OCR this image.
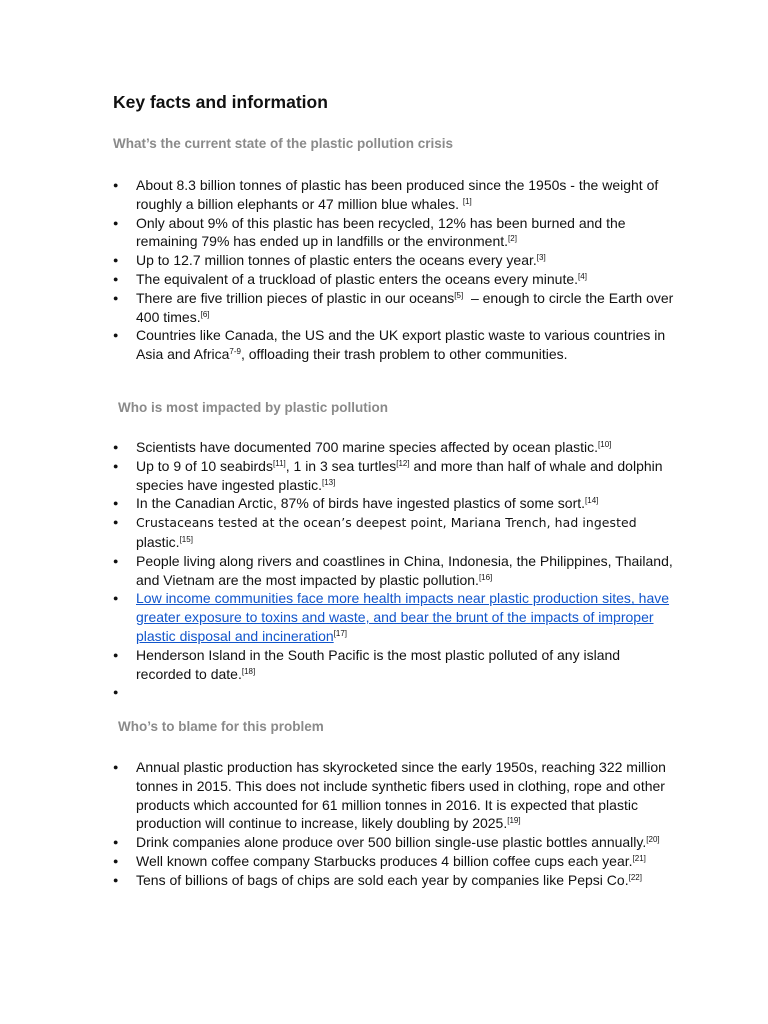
Key facts and information
What’s the current state of the plastic pollution crisis
● About 8.3 billion tonnes of plastic has been produced since the 1950s - the weight of roughly a billion elephants or 47 million blue whales. [1]
● Only about 9% of this plastic has been recycled, 12% has been burned and the remaining 79% has ended up in landfills or the environment.[2]
● Up to 12.7 million tonnes of plastic enters the oceans every year.[3]
● The equivalent of a truckload of plastic enters the oceans every minute.[4]
● There are five trillion pieces of plastic in our oceans[5]  – enough to circle the Earth over 400 times.[6]
● Countries like Canada, the US and the UK export plastic waste to various countries in Asia and Africa$^{7-9}$, offloading their trash problem to other communities.
Who is most impacted by plastic pollution
● Scientists have documented 700 marine species affected by ocean plastic.[10]
● Up to 9 of 10 seabirds[11], 1 in 3 sea turtles[12] and more than half of whale and dolphin species have ingested plastic.[13]
● In the Canadian Arctic, 87% of birds have ingested plastics of some sort.[14]
● Crustaceans tested at the ocean’s deepest point, Mariana Trench, had ingested
plastic.[15]
● People living along rivers and coastlines in China, Indonesia, the Philippines, Thailand, and Vietnam are the most impacted by plastic pollution.[16]
● Low income communities face more health impacts near plastic production sites, have greater exposure to toxins and waste, and bear the brunt of the impacts of improper plastic disposal and incineration[17]
● Henderson Island in the South Pacific is the most plastic polluted of any island recorded to date.[18]
●
Who’s to blame for this problem
● Annual plastic production has skyrocketed since the early 1950s, reaching 322 million tonnes in 2015. This does not include synthetic fibers used in clothing, rope and other products which accounted for 61 million tonnes in 2016. It is expected that plastic production will continue to increase, likely doubling by 2025.[19]
● Drink companies alone produce over 500 billion single-use plastic bottles annually.[20]
● Well known coffee company Starbucks produces 4 billion coffee cups each year.[21]
● Tens of billions of bags of chips are sold each year by companies like Pepsi Co.[22]
